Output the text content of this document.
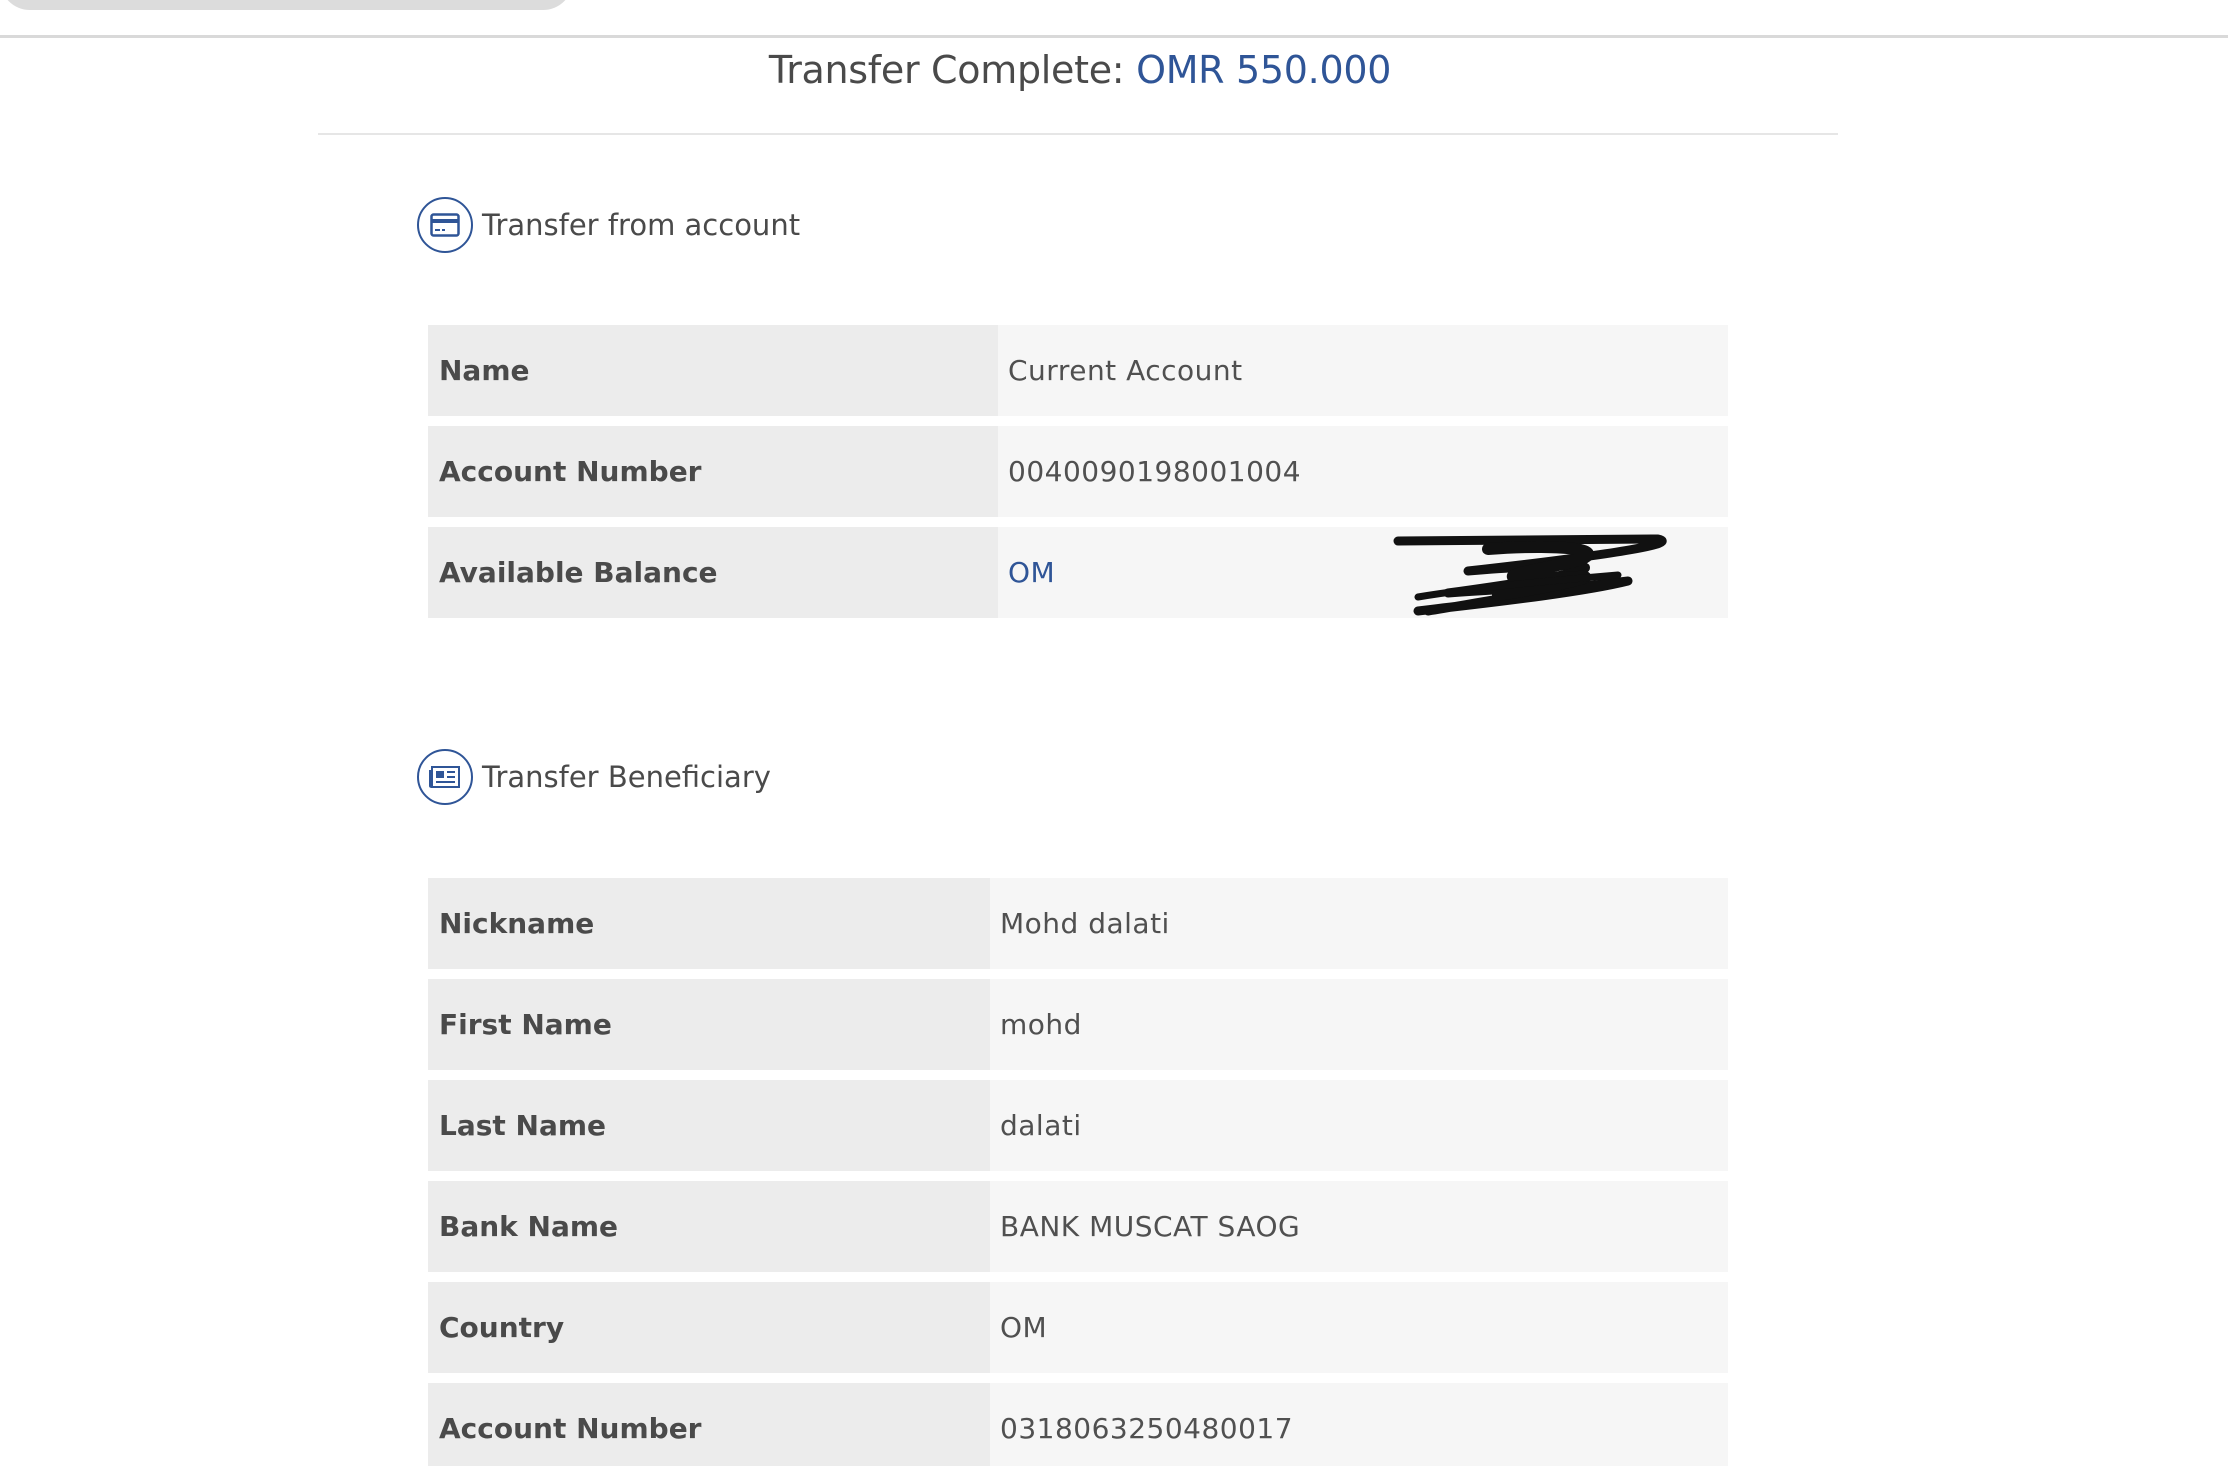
Transfer Complete: OMR 550.000
Transfer from account
Name	Current Account
Account Number	0040090198001004
Available Balance	OM
Transfer Beneficiary
Nickname	Mohd dalati
First Name	mohd
Last Name	dalati
Bank Name	BANK MUSCAT SAOG
Country	OM
Account Number	0318063250480017
